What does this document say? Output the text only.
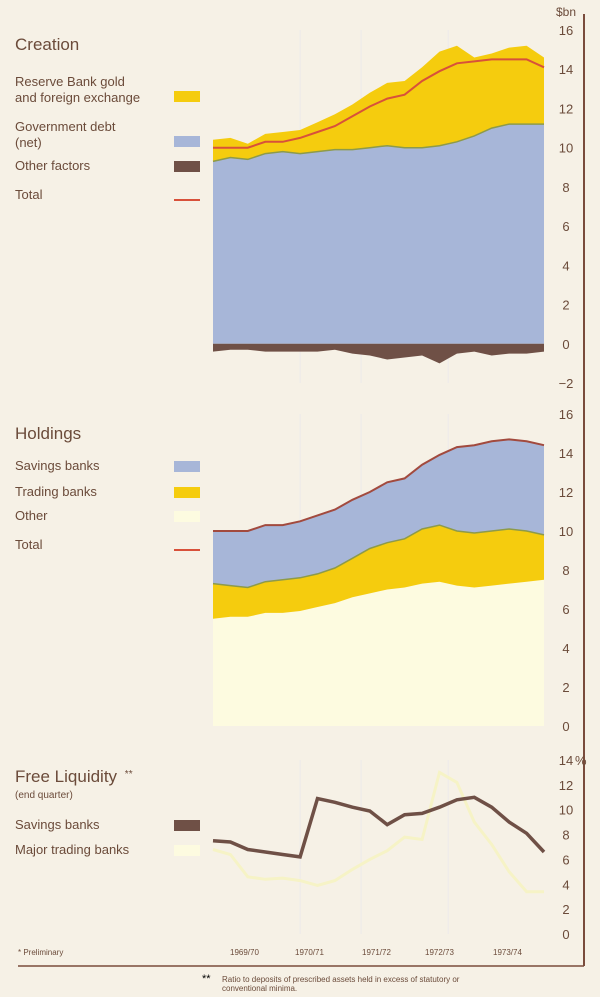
Creation
$bn
−2
0
2
4
6
8
10
12
14
16
Reserve Bank gold
and foreign exchange
Government debt
(net)
Other factors
Total
Holdings
0
2
4
6
8
10
12
14
16
Savings banks
Trading banks
Other
Total
Free Liquidity **
(end quarter)
0
2
4
6
8
10
12
14 %
Savings banks
Major trading banks
1969/70	1970/71	1971/72	1972/73	1973/74
* Preliminary
** Ratio to deposits of prescribed assets held in excess of statutory or
conventional minima.
